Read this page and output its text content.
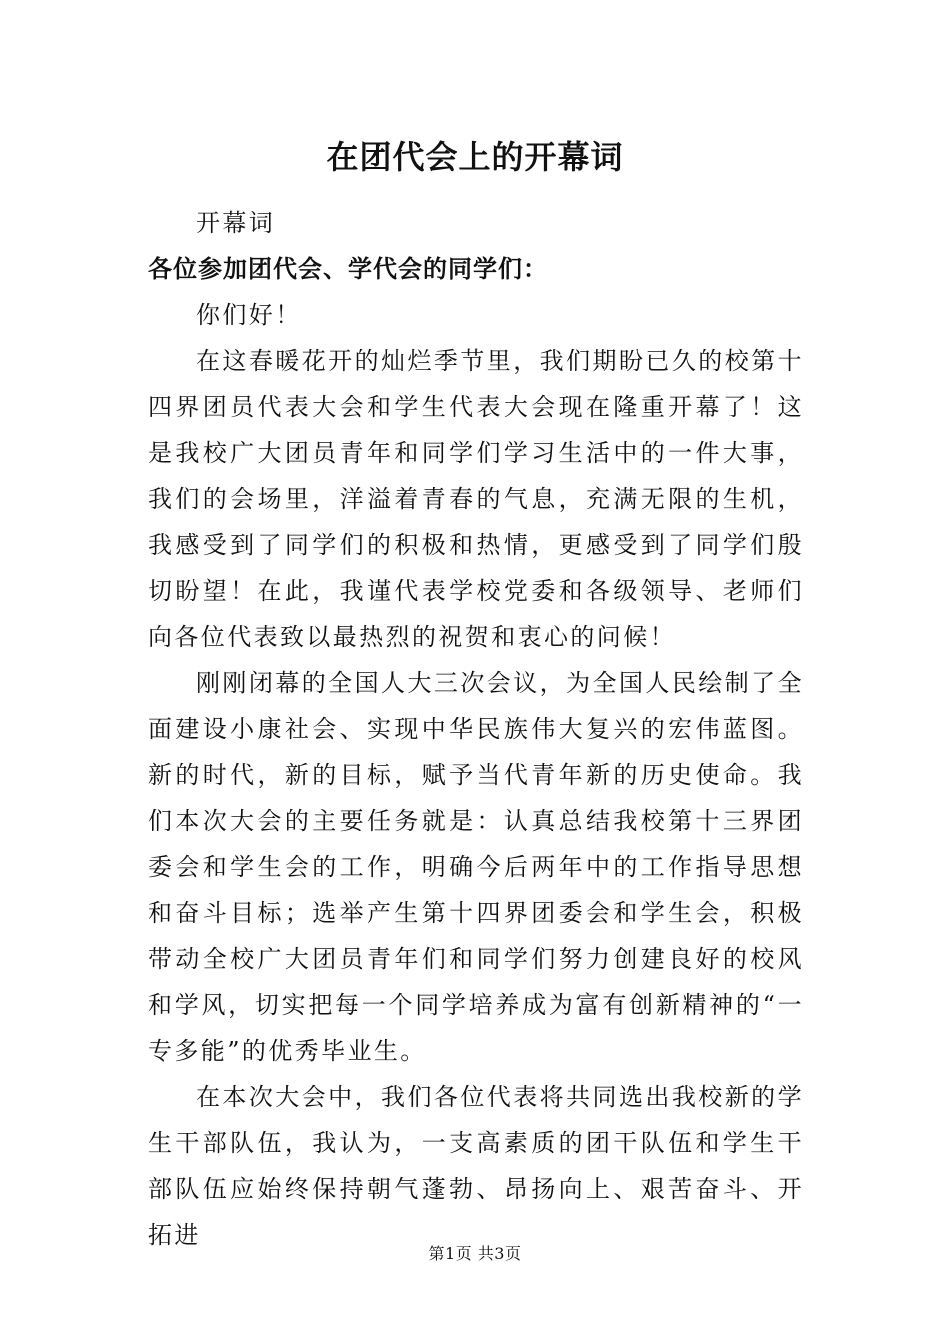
在团代会上的开幕词

开幕词

各位参加团代会、学代会的同学们：

你们好！

在这春暖花开的灿烂季节里，我们期盼已久的校第十四界团员代表大会和学生代表大会现在隆重开幕了！这是我校广大团员青年和同学们学习生活中的一件大事，我们的会场里，洋溢着青春的气息，充满无限的生机，我感受到了同学们的积极和热情，更感受到了同学们殷切盼望！在此，我谨代表学校党委和各级领导、老师们向各位代表致以最热烈的祝贺和衷心的问候！

刚刚闭幕的全国人大三次会议，为全国人民绘制了全面建设小康社会、实现中华民族伟大复兴的宏伟蓝图。新的时代，新的目标，赋予当代青年新的历史使命。我们本次大会的主要任务就是：认真总结我校第十三界团委会和学生会的工作，明确今后两年中的工作指导思想和奋斗目标；选举产生第十四界团委会和学生会，积极带动全校广大团员青年们和同学们努力创建良好的校风和学风，切实把每一个同学培养成为富有创新精神的“一专多能”的优秀毕业生。

在本次大会中，我们各位代表将共同选出我校新的学生干部队伍，我认为，一支高素质的团干队伍和学生干部队伍应始终保持朝气蓬勃、昂扬向上、艰苦奋斗、开拓进

第1页 共3页
